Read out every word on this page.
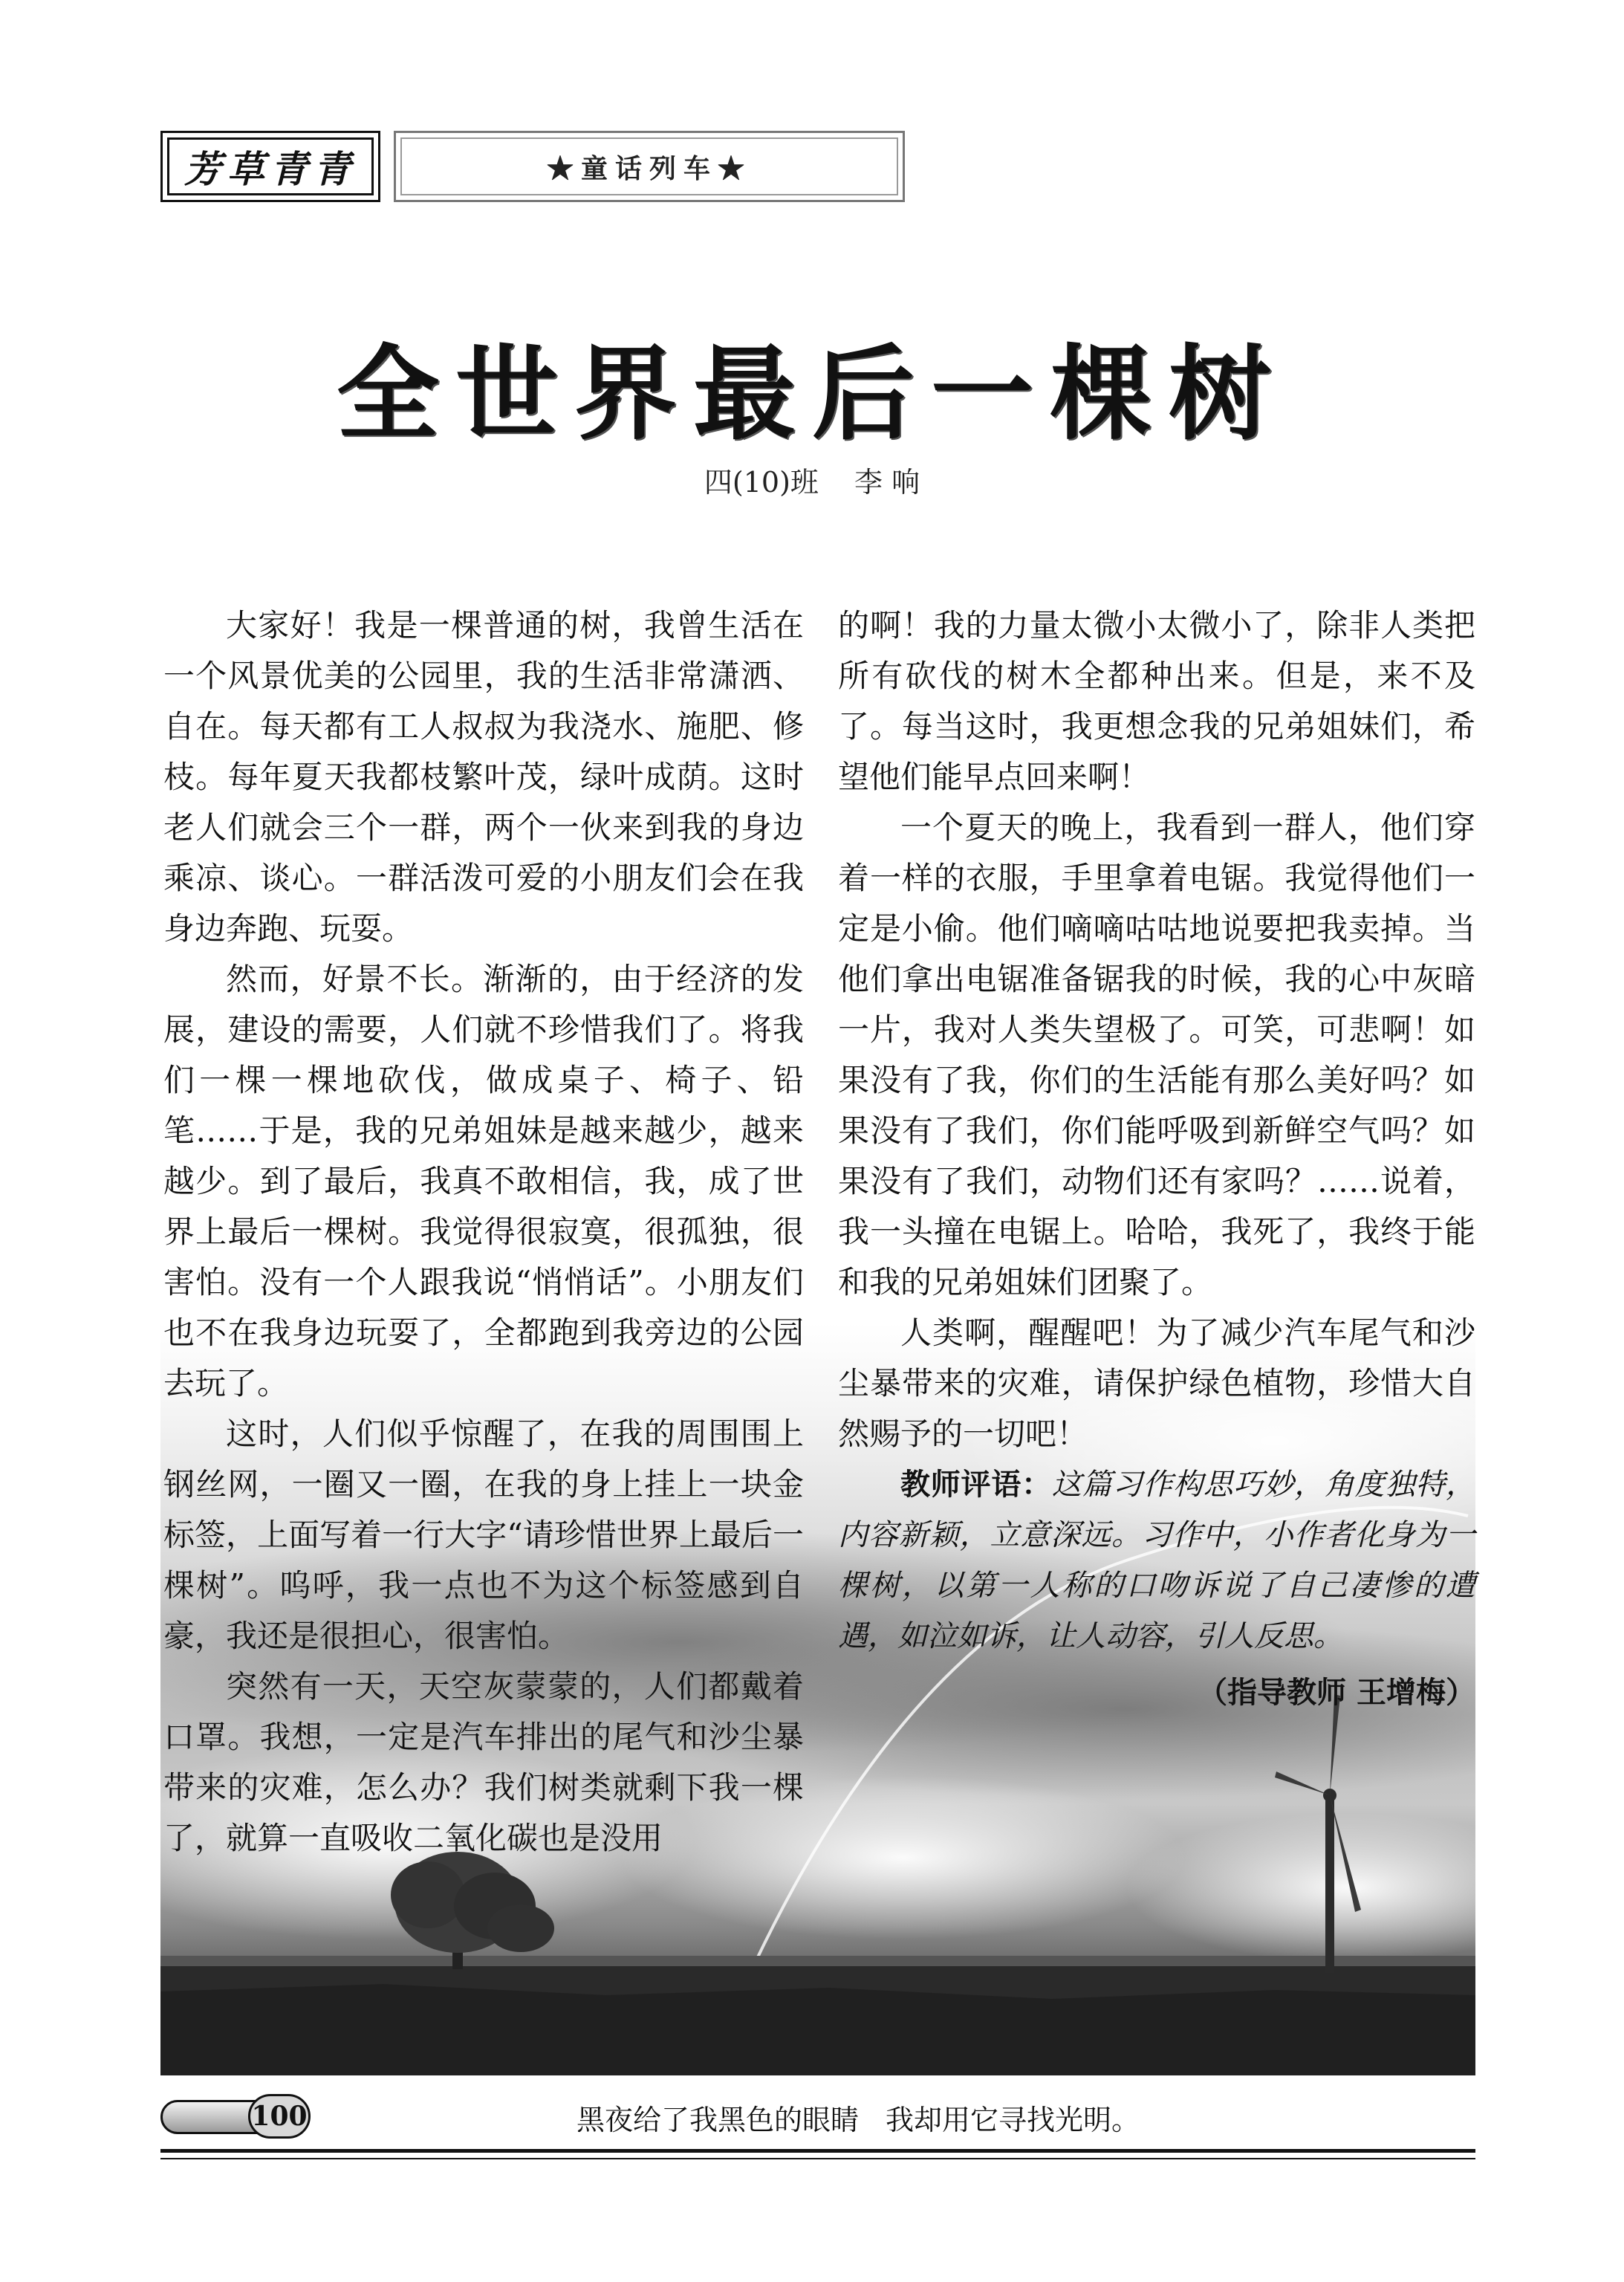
芳草青青	★童话列车★
全世界最后一棵树
四(10)班 李 响

大家好！我是一棵普通的树，我曾生活在一个风景优美的公园里，我的生活非常潇洒、自在。每天都有工人叔叔为我浇水、施肥、修枝。每年夏天我都枝繁叶茂，绿叶成荫。这时老人们就会三个一群，两个一伙来到我的身边乘凉、谈心。一群活泼可爱的小朋友们会在我身边奔跑、玩耍。

然而，好景不长。渐渐的，由于经济的发展，建设的需要，人们就不珍惜我们了。将我们一棵一棵地砍伐，做成桌子、椅子、铅笔……于是，我的兄弟姐妹是越来越少，越来越少。到了最后，我真不敢相信，我，成了世界上最后一棵树。我觉得很寂寞，很孤独，很害怕。没有一个人跟我说“悄悄话”。小朋友们也不在我身边玩耍了，全都跑到我旁边的公园去玩了。

这时，人们似乎惊醒了，在我的周围围上钢丝网，一圈又一圈，在我的身上挂上一块金标签，上面写着一行大字“请珍惜世界上最后一棵树”。呜呼，我一点也不为这个标签感到自豪，我还是很担心，很害怕。

突然有一天，天空灰蒙蒙的，人们都戴着口罩。我想，一定是汽车排出的尾气和沙尘暴带来的灾难，怎么办？我们树类就剩下我一棵了，就算一直吸收二氧化碳也是没用

的啊！我的力量太微小太微小了，除非人类把所有砍伐的树木全都种出来。但是，来不及了。每当这时，我更想念我的兄弟姐妹们，希望他们能早点回来啊！

一个夏天的晚上，我看到一群人，他们穿着一样的衣服，手里拿着电锯。我觉得他们一定是小偷。他们嘀嘀咕咕地说要把我卖掉。当他们拿出电锯准备锯我的时候，我的心中灰暗一片，我对人类失望极了。可笑，可悲啊！如果没有了我，你们的生活能有那么美好吗？如果没有了我们，你们能呼吸到新鲜空气吗？如果没有了我们，动物们还有家吗？……说着，我一头撞在电锯上。哈哈，我死了，我终于能和我的兄弟姐妹们团聚了。

人类啊，醒醒吧！为了减少汽车尾气和沙尘暴带来的灾难，请保护绿色植物，珍惜大自然赐予的一切吧！

教师评语：这篇习作构思巧妙，角度独特，内容新颖，立意深远。习作中，小作者化身为一棵树，以第一人称的口吻诉说了自己凄惨的遭遇，如泣如诉，让人动容，引人反思。

（指导教师 王增梅）
100	黑夜给了我黑色的眼睛 我却用它寻找光明。
